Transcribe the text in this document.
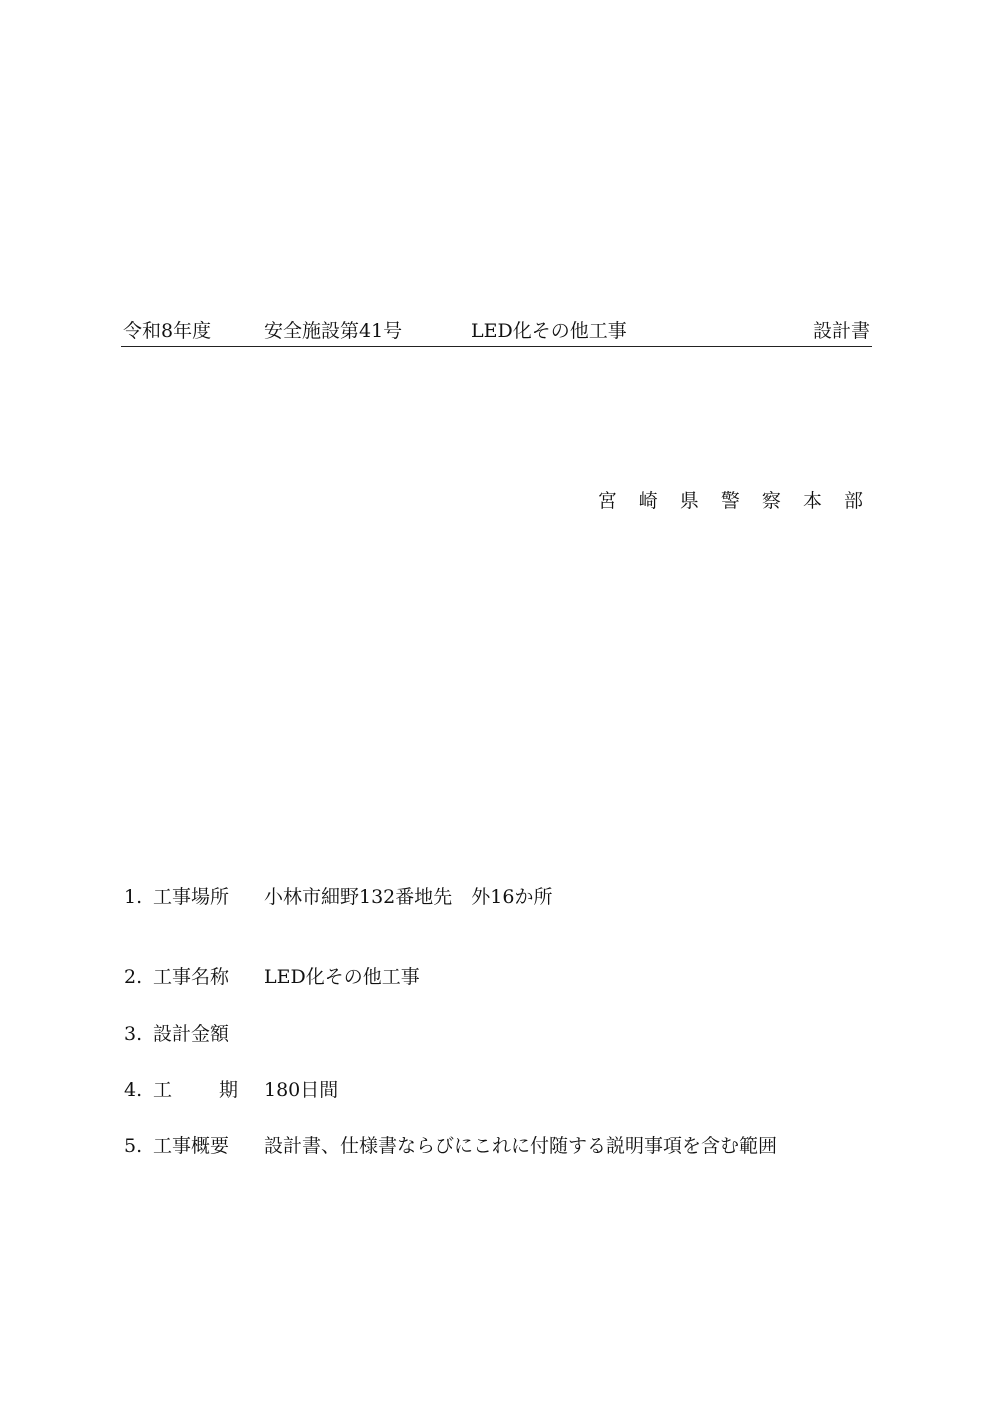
令和8年度	安全施設第41号	LED化その他工事	設計書
宮 崎 県 警 察 本 部
1. 工事場所 小林市細野132番地先　外16か所
2. 工事名称 LED化その他工事
3. 設計金額
4. 工　 期 180日間
5. 工事概要 設計書、仕様書ならびにこれに付随する説明事項を含む範囲
